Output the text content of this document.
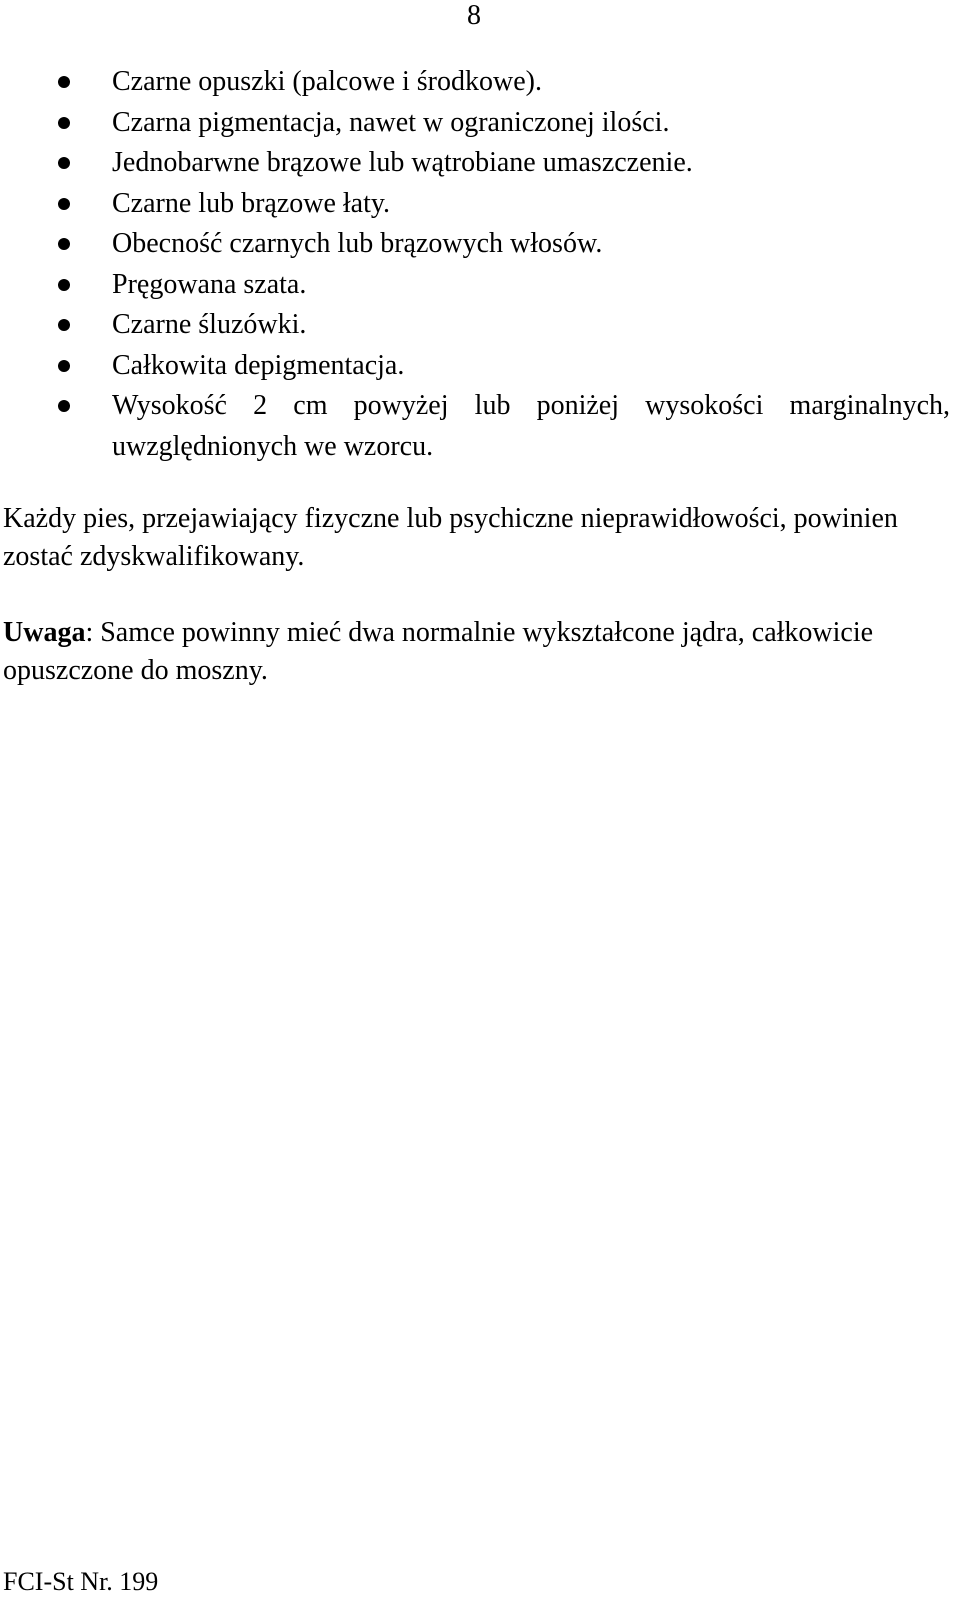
8
Czarne opuszki (palcowe i środkowe).
Czarna pigmentacja, nawet w ograniczonej ilości.
Jednobarwne brązowe lub wątrobiane umaszczenie.
Czarne lub brązowe łaty.
Obecność czarnych lub brązowych włosów.
Pręgowana szata.
Czarne śluzówki.
Całkowita depigmentacja.
Wysokość 2 cm powyżej lub poniżej wysokości marginalnych, uwzględnionych we wzorcu.

Każdy pies, przejawiający fizyczne lub psychiczne nieprawidłowości, powinien zostać zdyskwalifikowany.

Uwaga: Samce powinny mieć dwa normalnie wykształcone jądra, całkowicie opuszczone do moszny.

FCI-St Nr. 199
